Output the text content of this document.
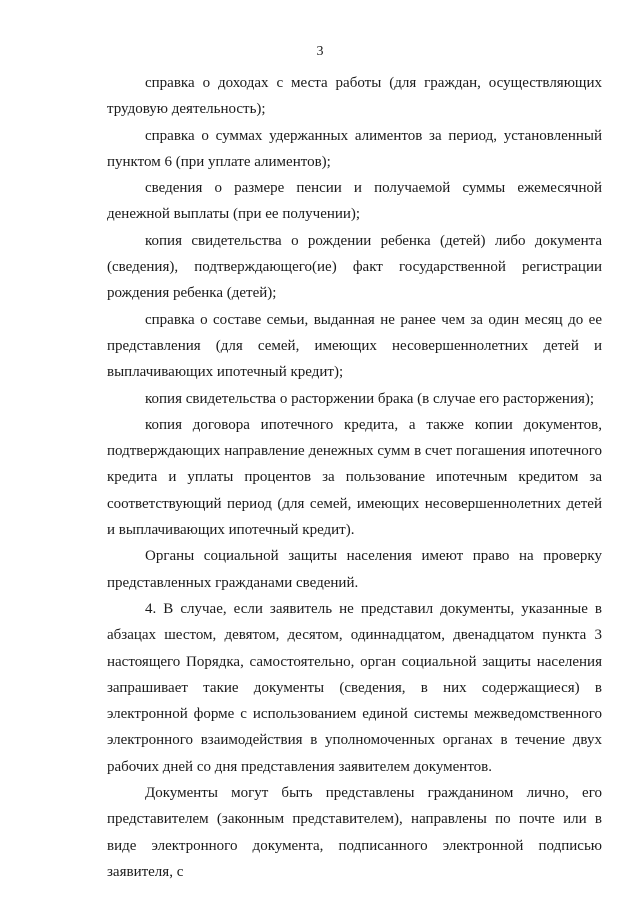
3

справка о доходах с места работы (для граждан, осуществляющих трудовую деятельность);

справка о суммах удержанных алиментов за период, установленный пунктом 6 (при уплате алиментов);

сведения о размере пенсии и получаемой суммы ежемесячной денежной выплаты (при ее получении);

копия свидетельства о рождении ребенка (детей) либо документа (сведения), подтверждающего(ие) факт государственной регистрации рождения ребенка (детей);

справка о составе семьи, выданная не ранее чем за один месяц до ее представления (для семей, имеющих несовершеннолетних детей и выплачивающих ипотечный кредит);

копия свидетельства о расторжении брака (в случае его расторжения);

копия договора ипотечного кредита, а также копии документов, подтверждающих направление денежных сумм в счет погашения ипотечного кредита и уплаты процентов за пользование ипотечным кредитом за соответствующий период (для семей, имеющих несовершеннолетних детей и выплачивающих ипотечный кредит).

Органы социальной защиты населения имеют право на проверку представленных гражданами сведений.

4. В случае, если заявитель не представил документы, указанные в абзацах шестом, девятом, десятом, одиннадцатом, двенадцатом пункта 3 настоящего Порядка, самостоятельно, орган социальной защиты населения запрашивает такие документы (сведения, в них содержащиеся) в электронной форме с использованием единой системы межведомственного электронного взаимодействия в уполномоченных органах в течение двух рабочих дней со дня представления заявителем документов.

Документы могут быть представлены гражданином лично, его представителем (законным представителем), направлены по почте или в виде электронного документа, подписанного электронной подписью заявителя, с
